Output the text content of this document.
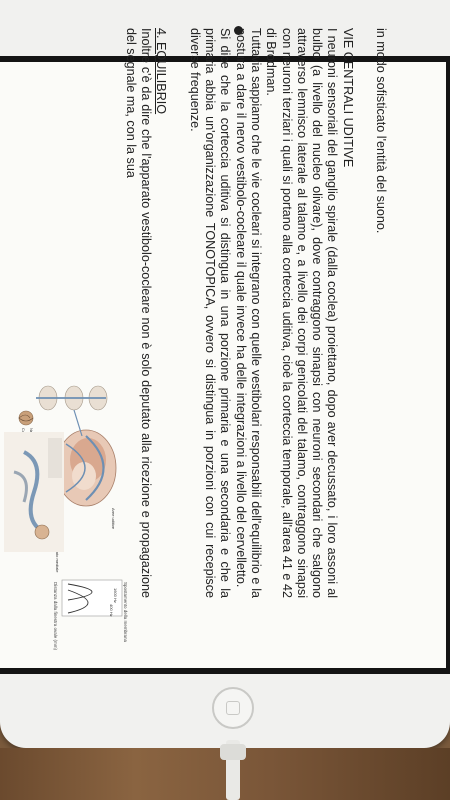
in modo sofisticato l'entità del suono.

VIE CENTRALI UDITIVE

I neuroni sensoriali del ganglio spirale (dalla coclea) proiettano, dopo aver decussato, i loro assoni al bulbo (a livello del nucleo olivare), dove contraggono sinapsi con neuroni secondari che salgono attraverso lemnisco laterale al talamo e, a livello dei corpi genicolati del talamo, contraggono sinapsi con neuroni terziari i quali si portano alla corteccia uditiva, cioè la corteccia temporale, all'area 41 e 42 di Brodman.

Tuttavia sappiamo che le vie cocleari si integrano con quelle vestibolari responsabili dell'equilibrio e la postura a dare il nervo vestibolo-cocleare il quale invece ha delle integrazioni a livello del cervelletto.

Si dice che la corteccia uditiva si distingua in una porzione primaria e una secondaria e che la primaria abbia un'organizzazione TONOTOPICA, ovvero si distingua in porzioni con cui recepisce diverse frequenze.

4. EQUILIBRIO

Inoltre c'è da dire che l'apparato vestibolo-cocleare non è solo deputato alla ricezione e propagazione del segnale ma, con la sua

Distanza dalla finestra ovale (mm)	Spostamento della membrana
1600 Hz
400 Hz
Aree uditive
